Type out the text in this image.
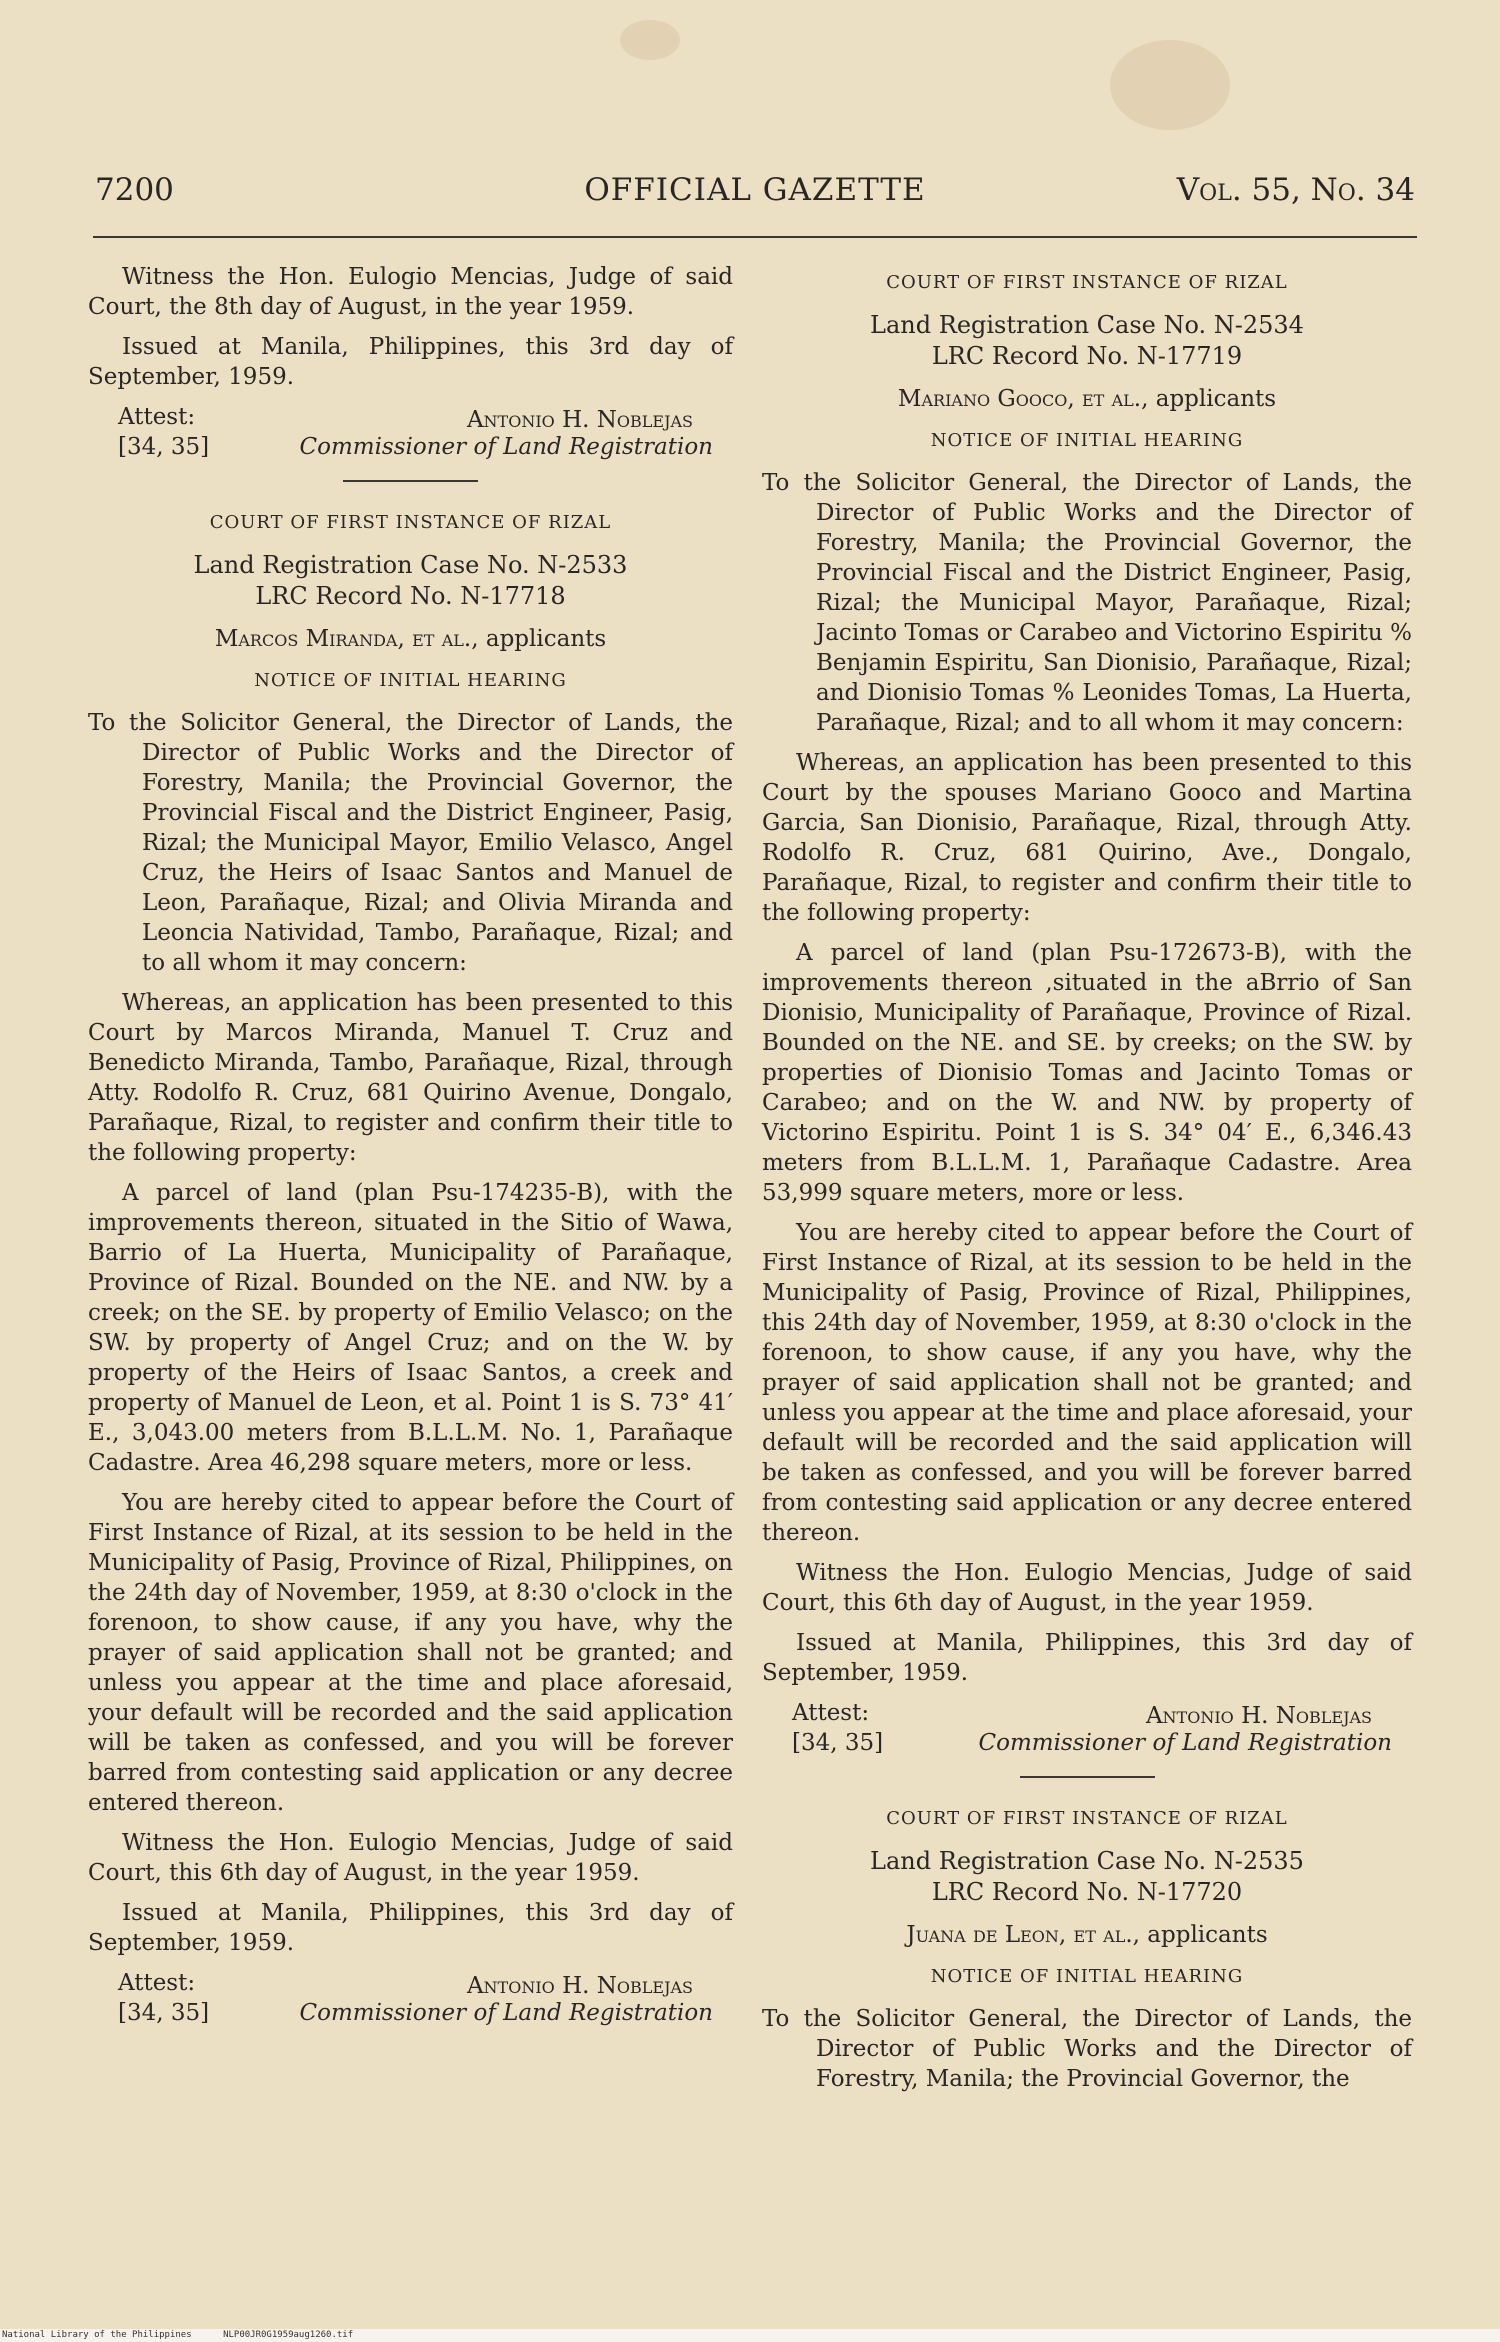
7200	OFFICIAL GAZETTE	Vol. 55, No. 34

Witness the Hon. Eulogio Mencias, Judge of said Court, the 8th day of August, in the year 1959.

Issued at Manila, Philippines, this 3rd day of September, 1959.

Attest:
[34, 35]
Antonio H. Noblejas
Commissioner of Land Registration
COURT OF FIRST INSTANCE OF RIZAL
Land Registration Case No. N-2533
LRC Record No. N-17718
Marcos Miranda, et al., applicants
NOTICE OF INITIAL HEARING

To the Solicitor General, the Director of Lands, the Director of Public Works and the Director of Forestry, Manila; the Provincial Governor, the Provincial Fiscal and the District Engineer, Pasig, Rizal; the Municipal Mayor, Emilio Velasco, Angel Cruz, the Heirs of Isaac Santos and Manuel de Leon, Parañaque, Rizal; and Olivia Miranda and Leoncia Natividad, Tambo, Parañaque, Rizal; and to all whom it may concern:

Whereas, an application has been presented to this Court by Marcos Miranda, Manuel T. Cruz and Benedicto Miranda, Tambo, Parañaque, Rizal, through Atty. Rodolfo R. Cruz, 681 Quirino Avenue, Dongalo, Parañaque, Rizal, to register and confirm their title to the following property:

A parcel of land (plan Psu-174235-B), with the improvements thereon, situated in the Sitio of Wawa, Barrio of La Huerta, Municipality of Parañaque, Province of Rizal. Bounded on the NE. and NW. by a creek; on the SE. by property of Emilio Velasco; on the SW. by property of Angel Cruz; and on the W. by property of the Heirs of Isaac Santos, a creek and property of Manuel de Leon, et al. Point 1 is S. 73° 41′ E., 3,043.00 meters from B.L.L.M. No. 1, Parañaque Cadastre. Area 46,298 square meters, more or less.

You are hereby cited to appear before the Court of First Instance of Rizal, at its session to be held in the Municipality of Pasig, Province of Rizal, Philippines, on the 24th day of November, 1959, at 8:30 o'clock in the forenoon, to show cause, if any you have, why the prayer of said application shall not be granted; and unless you appear at the time and place aforesaid, your default will be recorded and the said application will be taken as confessed, and you will be forever barred from contesting said application or any decree entered thereon.

Witness the Hon. Eulogio Mencias, Judge of said Court, this 6th day of August, in the year 1959.

Issued at Manila, Philippines, this 3rd day of September, 1959.

Attest:
[34, 35]
Antonio H. Noblejas
Commissioner of Land Registration
COURT OF FIRST INSTANCE OF RIZAL
Land Registration Case No. N-2534
LRC Record No. N-17719
Mariano Gooco, et al., applicants
NOTICE OF INITIAL HEARING

To the Solicitor General, the Director of Lands, the Director of Public Works and the Director of Forestry, Manila; the Provincial Governor, the Provincial Fiscal and the District Engineer, Pasig, Rizal; the Municipal Mayor, Parañaque, Rizal; Jacinto Tomas or Carabeo and Victorino Espiritu % Benjamin Espiritu, San Dionisio, Parañaque, Rizal; and Dionisio Tomas % Leonides Tomas, La Huerta, Parañaque, Rizal; and to all whom it may concern:

Whereas, an application has been presented to this Court by the spouses Mariano Gooco and Martina Garcia, San Dionisio, Parañaque, Rizal, through Atty. Rodolfo R. Cruz, 681 Quirino, Ave., Dongalo, Parañaque, Rizal, to register and confirm their title to the following property:

A parcel of land (plan Psu-172673-B), with the improvements thereon ,situated in the aBrrio of San Dionisio, Municipality of Parañaque, Province of Rizal. Bounded on the NE. and SE. by creeks; on the SW. by properties of Dionisio Tomas and Jacinto Tomas or Carabeo; and on the W. and NW. by property of Victorino Espiritu. Point 1 is S. 34° 04′ E., 6,346.43 meters from B.L.L.M. 1, Parañaque Cadastre. Area 53,999 square meters, more or less.

You are hereby cited to appear before the Court of First Instance of Rizal, at its session to be held in the Municipality of Pasig, Province of Rizal, Philippines, this 24th day of November, 1959, at 8:30 o'clock in the forenoon, to show cause, if any you have, why the prayer of said application shall not be granted; and unless you appear at the time and place aforesaid, your default will be recorded and the said application will be taken as confessed, and you will be forever barred from contesting said application or any decree entered thereon.

Witness the Hon. Eulogio Mencias, Judge of said Court, this 6th day of August, in the year 1959.

Issued at Manila, Philippines, this 3rd day of September, 1959.

Attest:
[34, 35]
Antonio H. Noblejas
Commissioner of Land Registration
COURT OF FIRST INSTANCE OF RIZAL
Land Registration Case No. N-2535
LRC Record No. N-17720
Juana de Leon, et al., applicants
NOTICE OF INITIAL HEARING

To the Solicitor General, the Director of Lands, the Director of Public Works and the Director of Forestry, Manila; the Provincial Governor, the

National Library of the Philippines	NLP00JR0G1959aug1260.tif
